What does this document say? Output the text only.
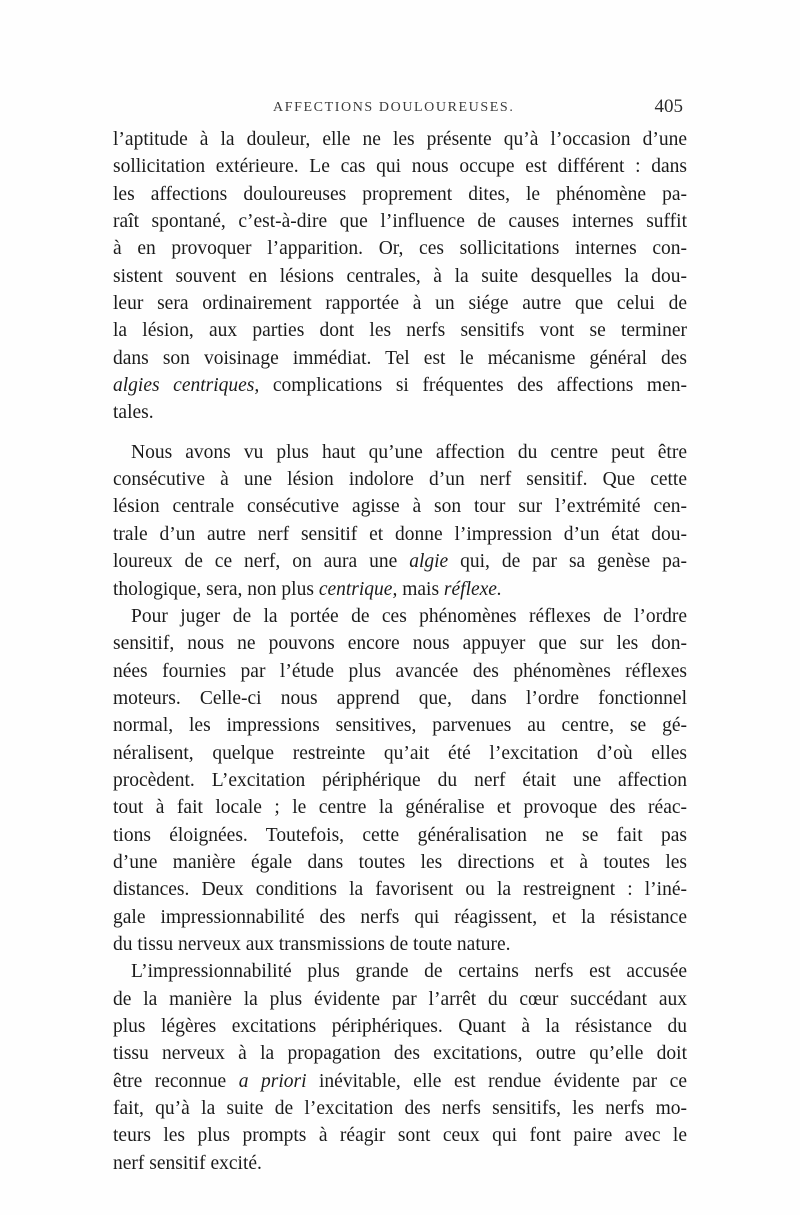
AFFECTIONS DOULOUREUSES.	405
l’aptitude à la douleur, elle ne les présente qu’à l’occasion d’une
sollicitation extérieure. Le cas qui nous occupe est différent : dans
les affections douloureuses proprement dites, le phénomène pa-
raît spontané, c’est-à-dire que l’influence de causes internes suffit
à en provoquer l’apparition. Or, ces sollicitations internes con-
sistent souvent en lésions centrales, à la suite desquelles la dou-
leur sera ordinairement rapportée à un siége autre que celui de
la lésion, aux parties dont les nerfs sensitifs vont se terminer
dans son voisinage immédiat. Tel est le mécanisme général des
algies centriques, complications si fréquentes des affections men-
tales.
Nous avons vu plus haut qu’une affection du centre peut être
consécutive à une lésion indolore d’un nerf sensitif. Que cette
lésion centrale consécutive agisse à son tour sur l’extrémité cen-
trale d’un autre nerf sensitif et donne l’impression d’un état dou-
loureux de ce nerf, on aura une algie qui, de par sa genèse pa-
thologique, sera, non plus centrique, mais réflexe.
Pour juger de la portée de ces phénomènes réflexes de l’ordre
sensitif, nous ne pouvons encore nous appuyer que sur les don-
nées fournies par l’étude plus avancée des phénomènes réflexes
moteurs. Celle-ci nous apprend que, dans l’ordre fonctionnel
normal, les impressions sensitives, parvenues au centre, se gé-
néralisent, quelque restreinte qu’ait été l’excitation d’où elles
procèdent. L’excitation périphérique du nerf était une affection
tout à fait locale ; le centre la généralise et provoque des réac-
tions éloignées. Toutefois, cette généralisation ne se fait pas
d’une manière égale dans toutes les directions et à toutes les
distances. Deux conditions la favorisent ou la restreignent : l’iné-
gale impressionnabilité des nerfs qui réagissent, et la résistance
du tissu nerveux aux transmissions de toute nature.
L’impressionnabilité plus grande de certains nerfs est accusée
de la manière la plus évidente par l’arrêt du cœur succédant aux
plus légères excitations périphériques. Quant à la résistance du
tissu nerveux à la propagation des excitations, outre qu’elle doit
être reconnue a priori inévitable, elle est rendue évidente par ce
fait, qu’à la suite de l’excitation des nerfs sensitifs, les nerfs mo-
teurs les plus prompts à réagir sont ceux qui font paire avec le
nerf sensitif excité.
